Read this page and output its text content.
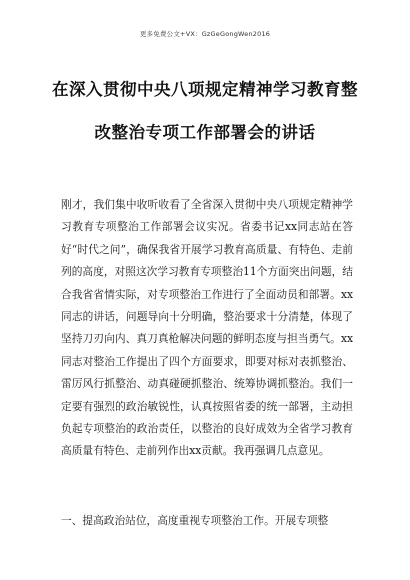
更多免费公文+VX：GzGeGongWen2016
在深入贯彻中央八项规定精神学习教育整
改整治专项工作部署会的讲话

刚才，我们集中收听收看了全省深入贯彻中央八项规定精神学习教育专项整治工作部署会议实况。省委书记xx同志站在答好“时代之问”，确保我省开展学习教育高质量、有特色、走前列的高度，对照这次学习教育专项整治11个方面突出问题，结合我省省情实际，对专项整治工作进行了全面动员和部署。xx同志的讲话，问题导向十分明确，整治要求十分清楚，体现了坚持刀刃向内、真刀真枪解决问题的鲜明态度与担当勇气。xx同志对整治工作提出了四个方面要求，即要对标对表抓整治、雷厉风行抓整治、动真碰硬抓整治、统筹协调抓整治。我们一定要有强烈的政治敏锐性，认真按照省委的统一部署，主动担负起专项整治的政治责任，以整治的良好成效为全省学习教育高质量有特色、走前列作出xx贡献。我再强调几点意见。

一、提高政治站位，高度重视专项整治工作。开展专项整
